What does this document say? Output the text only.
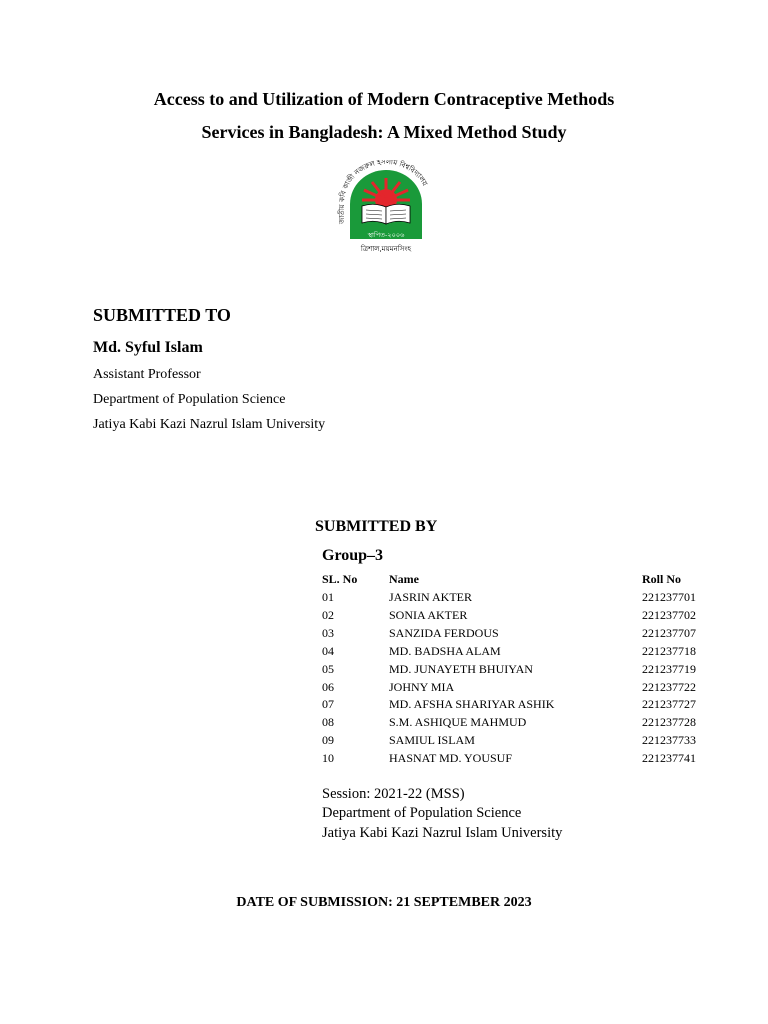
Access to and Utilization of Modern Contraceptive Methods
Services in Bangladesh: A Mixed Method Study
জাতীয় কবি কাজী নজরুল ইসলাম বিশ্ববিদ্যালয়
স্থাপিত-২০০৬
ত্রিশাল,ময়মনসিংহ
SUBMITTED TO
Md. Syful Islam
Assistant Professor
Department of Population Science
Jatiya Kabi Kazi Nazrul Islam University
SUBMITTED BY
Group–3
SL. No	Name	Roll No
01	JASRIN AKTER	221237701
02	SONIA AKTER	221237702
03	SANZIDA FERDOUS	221237707
04	MD. BADSHA ALAM	221237718
05	MD. JUNAYETH BHUIYAN	221237719
06	JOHNY MIA	221237722
07	MD. AFSHA SHARIYAR ASHIK	221237727
08	S.M. ASHIQUE MAHMUD	221237728
09	SAMIUL ISLAM	221237733
10	HASNAT MD. YOUSUF	221237741
Session: 2021-22 (MSS)
Department of Population Science
Jatiya Kabi Kazi Nazrul Islam University
DATE OF SUBMISSION: 21 SEPTEMBER 2023
